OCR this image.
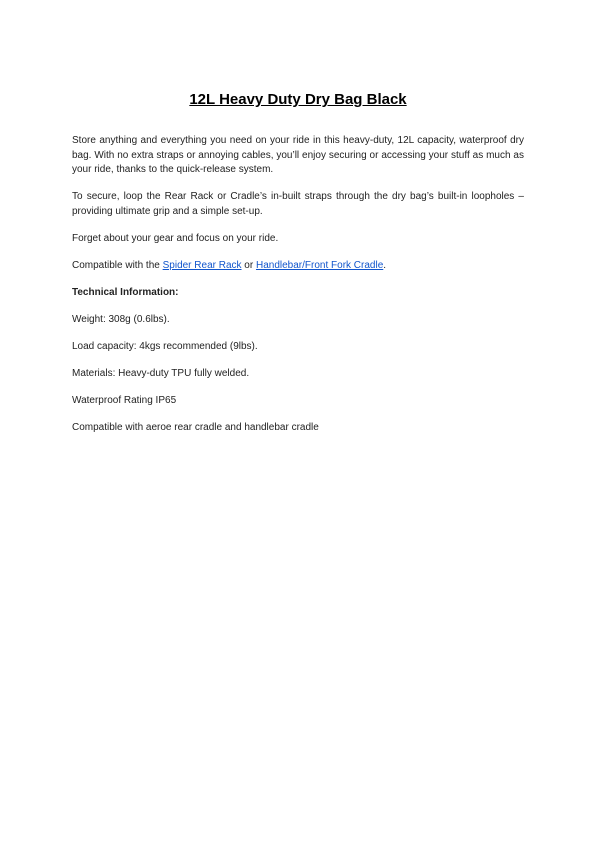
12L Heavy Duty Dry Bag Black

Store anything and everything you need on your ride in this heavy-duty, 12L capacity, waterproof dry bag. With no extra straps or annoying cables, you’ll enjoy securing or accessing your stuff as much as your ride, thanks to the quick-release system.

To secure, loop the Rear Rack or Cradle’s in-built straps through the dry bag’s built-in loopholes – providing ultimate grip and a simple set-up.

Forget about your gear and focus on your ride.

Compatible with the Spider Rear Rack or Handlebar/Front Fork Cradle.

Technical Information:

Weight: 308g (0.6lbs).

Load capacity: 4kgs recommended (9lbs).

Materials: Heavy-duty TPU fully welded.

Waterproof Rating IP65

Compatible with aeroe rear cradle and handlebar cradle
